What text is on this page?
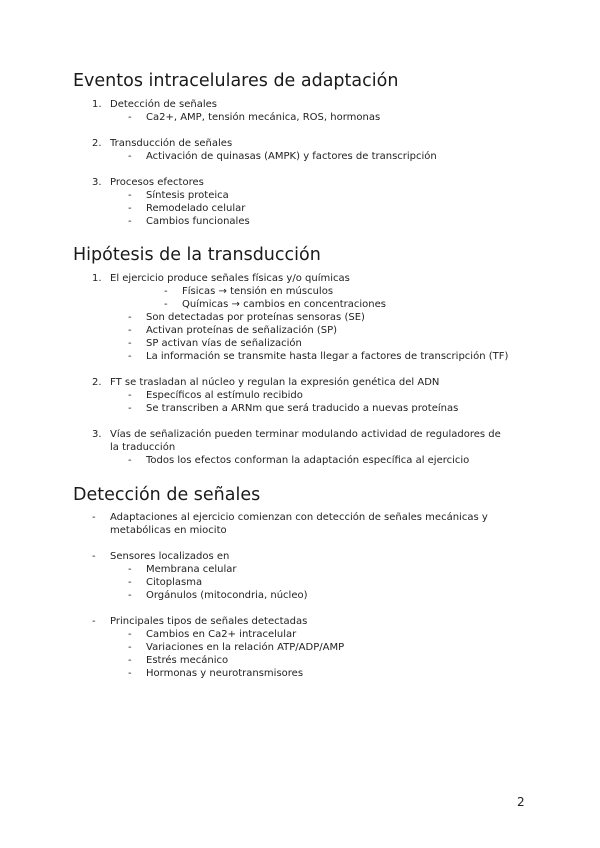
Eventos intracelulares de adaptación
1. Detección de señales
- Ca2+, AMP, tensión mecánica, ROS, hormonas
2. Transducción de señales
- Activación de quinasas (AMPK) y factores de transcripción
3. Procesos efectores
- Síntesis proteica
- Remodelado celular
- Cambios funcionales
Hipótesis de la transducción
1. El ejercicio produce señales físicas y/o químicas
- Físicas → tensión en músculos
- Químicas → cambios en concentraciones
- Son detectadas por proteínas sensoras (SE)
- Activan proteínas de señalización (SP)
- SP activan vías de señalización
- La información se transmite hasta llegar a factores de transcripción (TF)
2. FT se trasladan al núcleo y regulan la expresión genética del ADN
- Específicos al estímulo recibido
- Se transcriben a ARNm que será traducido a nuevas proteínas
3. Vías de señalización pueden terminar modulando actividad de reguladores de
la traducción
- Todos los efectos conforman la adaptación específica al ejercicio
Detección de señales
- Adaptaciones al ejercicio comienzan con detección de señales mecánicas y
metabólicas en miocito
- Sensores localizados en
- Membrana celular
- Citoplasma
- Orgánulos (mitocondria, núcleo)
- Principales tipos de señales detectadas
- Cambios en Ca2+ intracelular
- Variaciones en la relación ATP/ADP/AMP
- Estrés mecánico
- Hormonas y neurotransmisores
2
